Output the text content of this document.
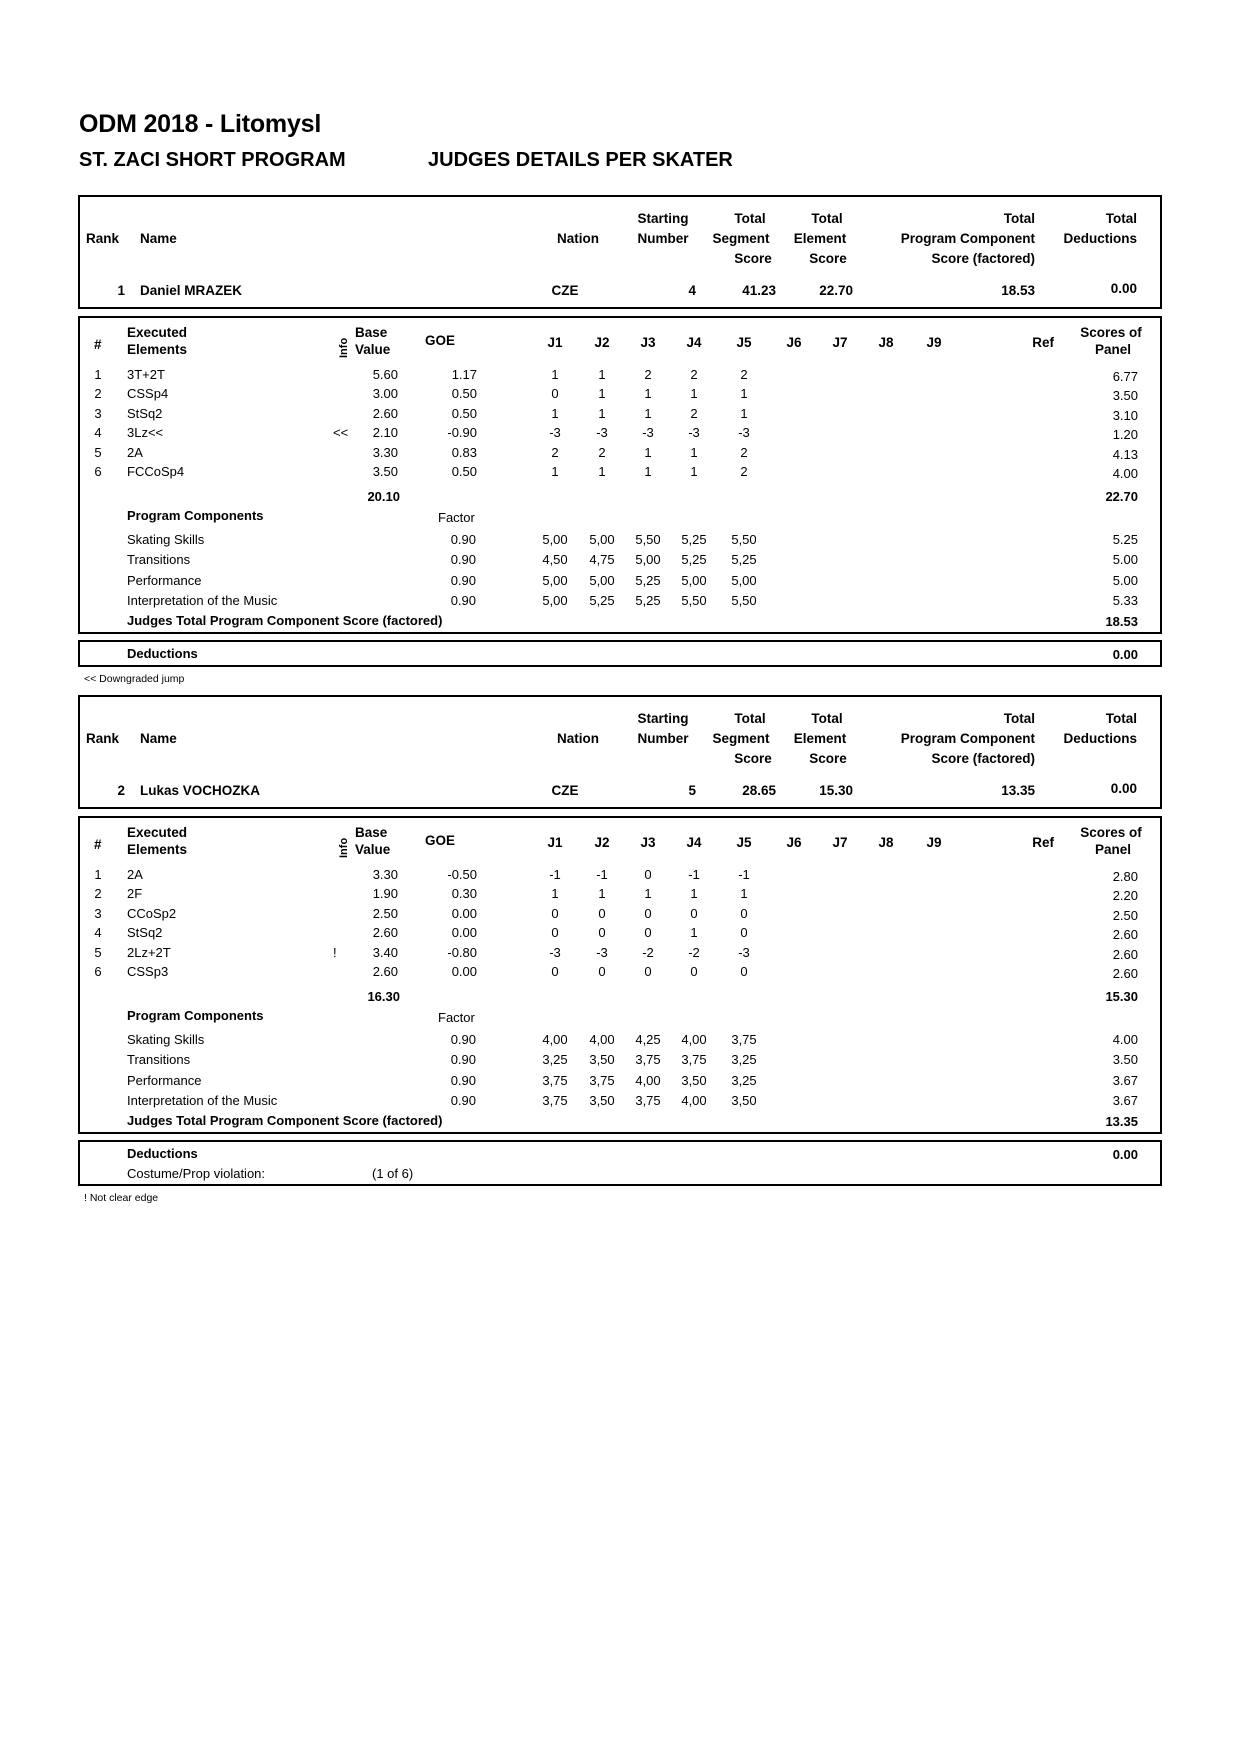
ODM 2018 - Litomysl
ST. ZACI SHORT PROGRAM	JUDGES DETAILS PER SKATER
Rank Name	Nation
Starting
Number
Total
Segment
Score
Total
Element
Score
Total
Program Component
Score (factored)
Total
Deductions
1 Daniel MRAZEK	CZE	4	41.23	22.70	18.53	0.00
#
Executed
Elements
Base
Value
GOE	Ref
Scores of
Panel
Info	J1 J2 J3 J4	J5	J6 J7 J8 J9
1 3T+2T	5.60	1.17	1	1	2	2	2	6.77
2 CSSp4	3.00	0.50	0	1	1	1	1	3.50
3 StSq2	2.60	0.50	1	1	1	2	1	3.10
4 3Lz<<	<< 2.10	-0.90	-3	-3	-3	-3	-3	1.20
5 2A	3.30	0.83	2	2	1	1	2	4.13
6 FCCoSp4	3.50	0.50	1	1	1	1	2	4.00
20.10	22.70
Program Components	Factor
Skating Skills	0.90	5,00 5,00 5,50 5,25 5,50	5.25
Transitions	0.90	4,50 4,75 5,00 5,25 5,25	5.00
Performance	0.90	5,00 5,00 5,25 5,00 5,00	5.00
Interpretation of the Music	0.90	5,00 5,25 5,25 5,50 5,50	5.33
Judges Total Program Component Score (factored)	18.53
Deductions	0.00
<< Downgraded jump
Rank Name	Nation
Starting
Number
Total
Segment
Score
Total
Element
Score
Total
Program Component
Score (factored)
Total
Deductions
2 Lukas VOCHOZKA	CZE	5	28.65	15.30	13.35	0.00
#
Executed
Elements
Base
Value
GOE	Ref
Scores of
Panel
Info	J1 J2 J3 J4	J5	J6 J7 J8 J9
1 2A	3.30	-0.50	-1	-1	0	-1	-1	2.80
2 2F	1.90	0.30	1	1	1	1	1	2.20
3 CCoSp2	2.50	0.00	0	0	0	0	0	2.50
4 StSq2	2.60	0.00	0	0	0	1	0	2.60
5 2Lz+2T	!	3.40	-0.80	-3	-3	-2	-2	-3	2.60
6 CSSp3	2.60	0.00	0	0	0	0	0	2.60
16.30	15.30
Program Components	Factor
Skating Skills	0.90	4,00 4,00 4,25 4,00 3,75	4.00
Transitions	0.90	3,25 3,50 3,75 3,75 3,25	3.50
Performance	0.90	3,75 3,75 4,00 3,50 3,25	3.67
Interpretation of the Music	0.90	3,75 3,50 3,75 4,00 3,50	3.67
Judges Total Program Component Score (factored)	13.35
Deductions	0.00
Costume/Prop violation:	(1 of 6)
! Not clear edge
